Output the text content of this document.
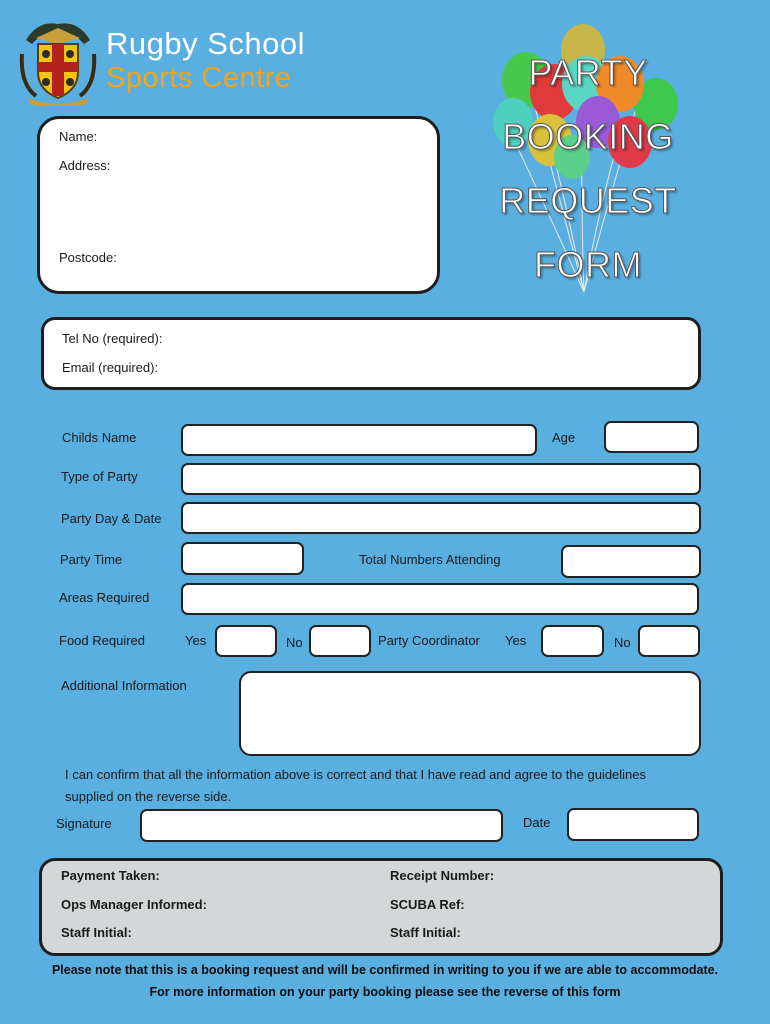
Rugby School
Sports Centre	PARTY
BOOKING
REQUEST
FORM
Name:
Address:
Postcode:
Tel No (required):
Email (required):
Childs Name	Age
Type of Party
Party Day & Date
Party Time	Total Numbers Attending
Areas Required
Food Required	Yes	No	Party Coordinator Yes	No
Additional Information
I can confirm that all the information above is correct and that I have read and agree to the guidelines
supplied on the reverse side.
Signature	Date
Payment Taken:	Receipt Number:
Ops Manager Informed:	SCUBA Ref:
Staff Initial:	Staff Initial:
Please note that this is a booking request and will be confirmed in writing to you if we are able to accommodate.
For more information on your party booking please see the reverse of this form
